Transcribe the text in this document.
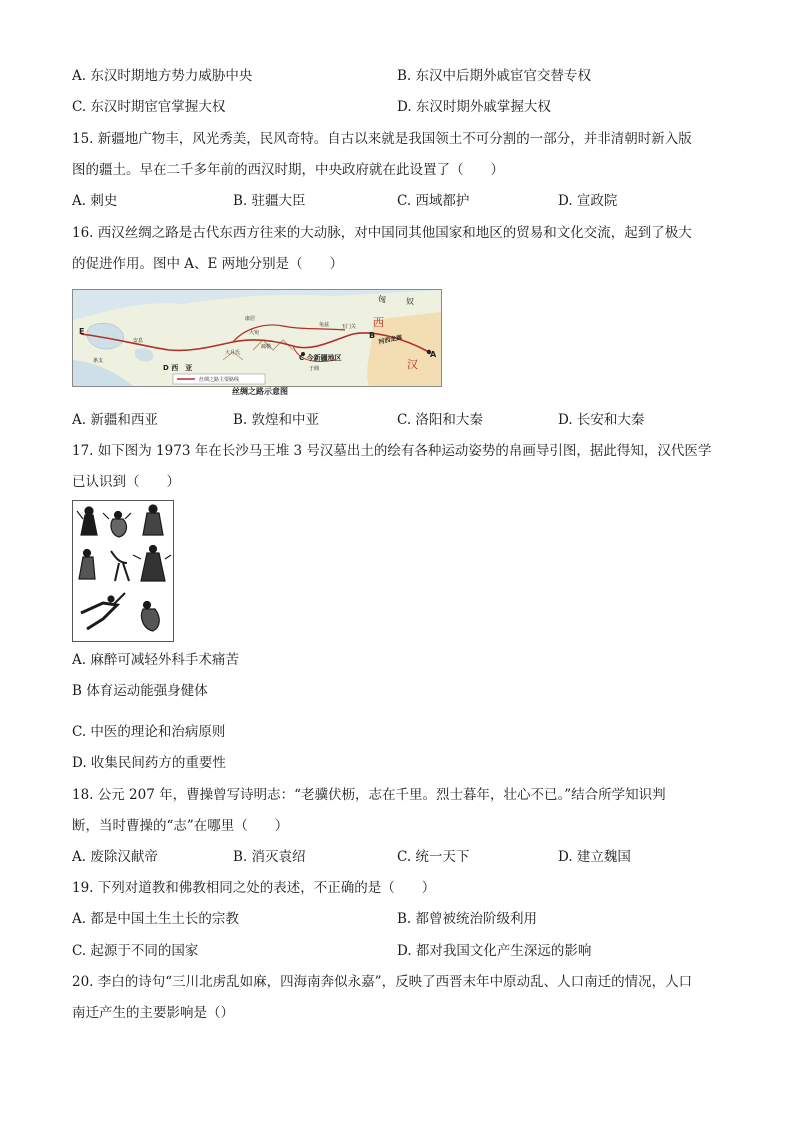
A. 东汉时期地方势力威胁中央	B. 东汉中后期外戚宦官交替专权
C. 东汉时期宦官掌握大权	D. 东汉时期外戚掌握大权
15. 新疆地广物丰，风光秀美，民风奇特。自古以来就是我国领土不可分割的一部分，并非清朝时新入版
图的疆土。早在二千多年前的西汉时期，中央政府就在此设置了（　　）
A. 刺史	B. 驻疆大臣	C. 西域都护	D. 宣政院
16. 西汉丝绸之路是古代东西方往来的大动脉，对中国同其他国家和地区的贸易和文化交流，起到了极大
的促进作用。图中 A、E 两地分别是（　　）
匈	奴
西
汉
A
B 河西走廊
E
C 今新疆地区
D 西　亚
玉门关
大月氏
康居
大宛
龟兹
疏勒
于阗
安息
条支
丝绸之路主要路线
丝绸之路示意图
A. 新疆和西亚	B. 敦煌和中亚	C. 洛阳和大秦	D. 长安和大秦
17. 如下图为 1973 年在长沙马王堆 3 号汉墓出土的绘有各种运动姿势的帛画导引图，据此得知，汉代医学
已认识到（　　）
A. 麻醉可减轻外科手术痛苦
B 体育运动能强身健体
C. 中医的理论和治病原则
D. 收集民间药方的重要性
18. 公元 207 年，曹操曾写诗明志：“老骥伏枥，志在千里。烈士暮年，壮心不已。”结合所学知识判
断，当时曹操的“志”在哪里（　　）
A. 废除汉献帝	B. 消灭袁绍	C. 统一天下	D. 建立魏国
19. 下列对道教和佛教相同之处的表述，不正确的是（　　）
A. 都是中国土生土长的宗教	B. 都曾被统治阶级利用
C. 起源于不同的国家	D. 都对我国文化产生深远的影响
20. 李白的诗句“三川北虏乱如麻，四海南奔似永嘉”，反映了西晋末年中原动乱、人口南迁的情况，人口
南迁产生的主要影响是（）
